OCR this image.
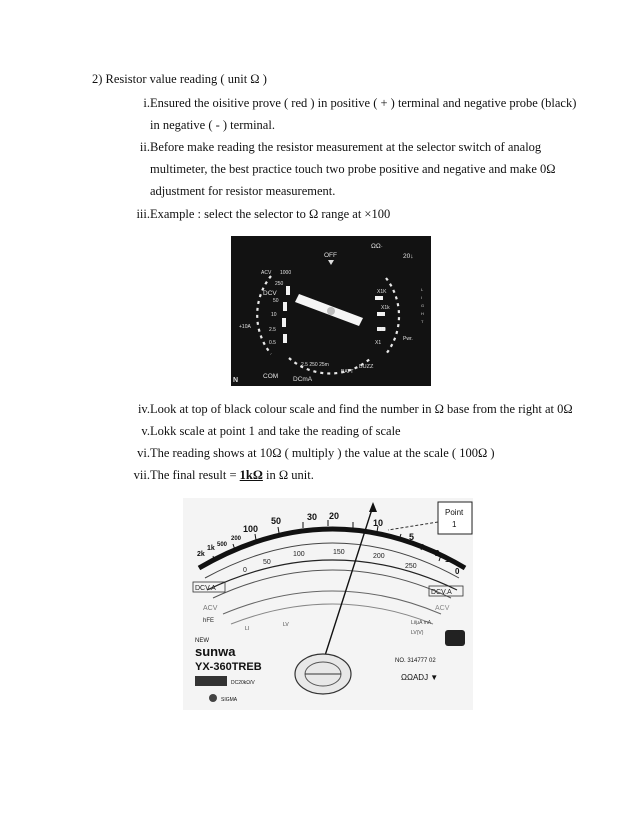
2) Resistor value reading ( unit Ω )
i. Ensured the oisitive prove ( red ) in positive ( + ) terminal and negative probe (black)
in negative ( - ) terminal.
ii. Before make reading the resistor measurement at the selector switch of analog
multimeter, the best practice touch two probe positive and negative and make 0Ω
adjustment for resistor measurement.
iii. Example : select the selector to Ω range at ×100
OFF
ΩΩ·
20↓
ACV 1000
250
DCV
50
10
2.5
0.5
+10A
X1K
X1k
X10
X1
Pwr.
2.5 250 25m
BATT
BUZZ
COM DCmA
N
L
I
G
H
T
iv. Look at top of black colour scale and find the number in Ω base from the right at 0Ω
v. Lokk scale at point 1 and take the reading of scale
vi. The reading shows at 10Ω ( multiply ) the value at the scale ( 100Ω )
vii. The final result = 1kΩ in Ω unit.
Point
1
2k
1k 500
200
100
50	30 20
10
5
2
1
0
0
50
100	150
200
250
DCV.A
ACV
hFE
DCV.A
ACV
LI
LV	Li/μA mA
LV(V)
NEW
sunwa
YX-360TREB
DC20kΩ/V
SIGMA
NO. 314777 02
ΩΩADJ ▼
